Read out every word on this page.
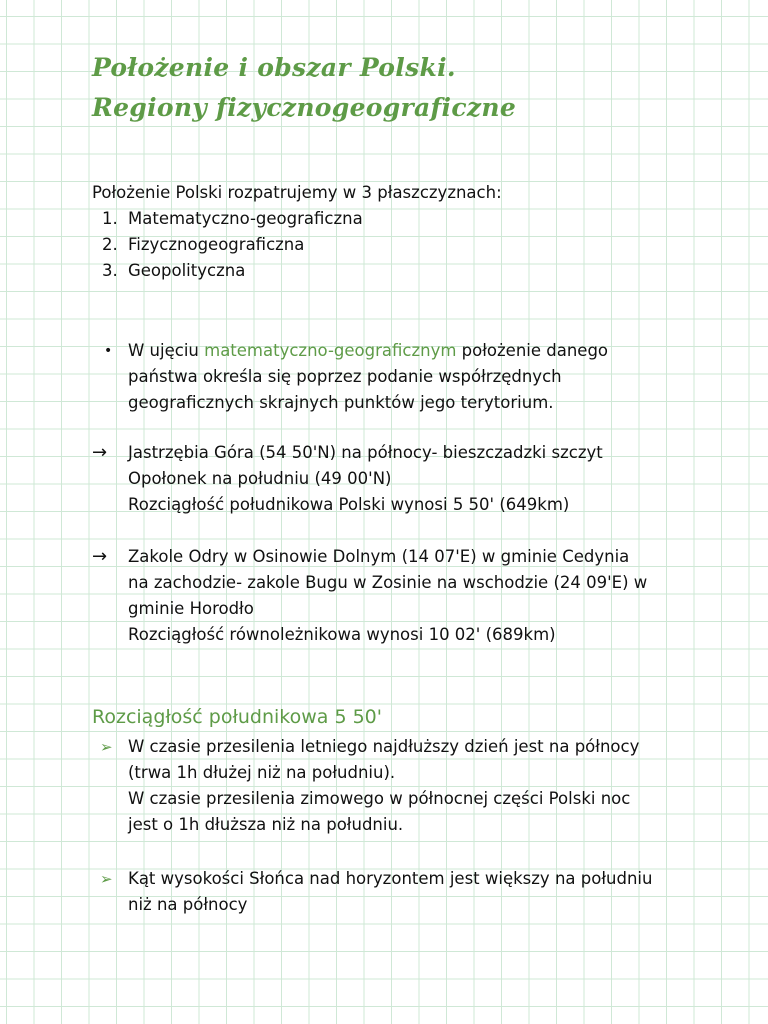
Położenie i obszar Polski.
Regiony fizycznogeograficzne
Położenie Polski rozpatrujemy w 3 płaszczyznach:
1. Matematyczno-geograficzna
2. Fizycznogeograficzna
3. Geopolityczna
• W ujęciu matematyczno-geograficznym położenie danego
państwa określa się poprzez podanie współrzędnych
geograficznych skrajnych punktów jego terytorium.
→	Jastrzębia Góra (54 50'N) na północy- bieszczadzki szczyt
Opołonek na południu (49 00'N)
Rozciągłość południkowa Polski wynosi 5 50' (649km)
→	Zakole Odry w Osinowie Dolnym (14 07'E) w gminie Cedynia
na zachodzie- zakole Bugu w Zosinie na wschodzie (24 09'E) w
gminie Horodło
Rozciągłość równoleżnikowa wynosi 10 02' (689km)
Rozciągłość południkowa 5 50'
➢ W czasie przesilenia letniego najdłuższy dzień jest na północy
(trwa 1h dłużej niż na południu).
W czasie przesilenia zimowego w północnej części Polski noc
jest o 1h dłuższa niż na południu.
➢ Kąt wysokości Słońca nad horyzontem jest większy na południu
niż na północy
